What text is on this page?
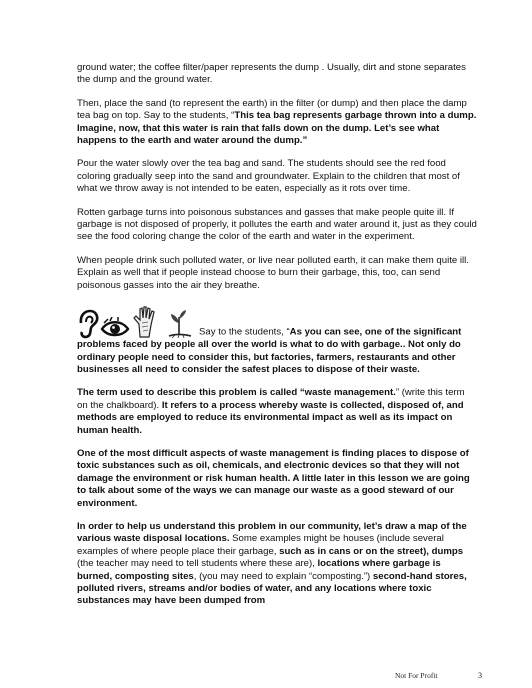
ground water; the coffee filter/paper represents the dump . Usually, dirt and stone separates the dump and the ground water.

Then, place the sand (to represent the earth) in the filter (or dump) and then place the damp tea bag on top. Say to the students, “This tea bag represents garbage thrown into a dump. Imagine, now, that this water is rain that falls down on the dump. Let’s see what happens to the earth and water around the dump.”

Pour the water slowly over the tea bag and sand. The students should see the red food coloring gradually seep into the sand and groundwater. Explain to the children that most of what we throw away is not intended to be eaten, especially as it rots over time.

Rotten garbage turns into poisonous substances and gasses that make people quite ill. If garbage is not disposed of properly, it pollutes the earth and water around it, just as they could see the food coloring change the color of the earth and water in the experiment.

When people drink such polluted water, or live near polluted earth, it can make them quite ill. Explain as well that if people instead choose to burn their garbage, this, too, can send poisonous gasses into the air they breathe.

Say to the students, “As you can see, one of the significant problems faced by people all over the world is what to do with garbage.. Not only do ordinary people need to consider this, but factories, farmers, restaurants and other businesses all need to consider the safest places to dispose of their waste.

The term used to describe this problem is called “waste management.” (write this term on the chalkboard). It refers to a process whereby waste is collected, disposed of, and methods are employed to reduce its environmental impact as well as its impact on human health.

One of the most difficult aspects of waste management is finding places to dispose of toxic substances such as oil, chemicals, and electronic devices so that they will not damage the environment or risk human health. A little later in this lesson we are going to talk about some of the ways we can manage our waste as a good steward of our environment.

In order to help us understand this problem in our community, let’s draw a map of the various waste disposal locations. Some examples might be houses (include several examples of where people place their garbage, such as in cans or on the street), dumps (the teacher may need to tell students where these are), locations where garbage is burned, composting sites, (you may need to explain “composting.”) second-hand stores, polluted rivers, streams and/or bodies of water, and any locations where toxic substances may have been dumped from

Not For Profit	3
